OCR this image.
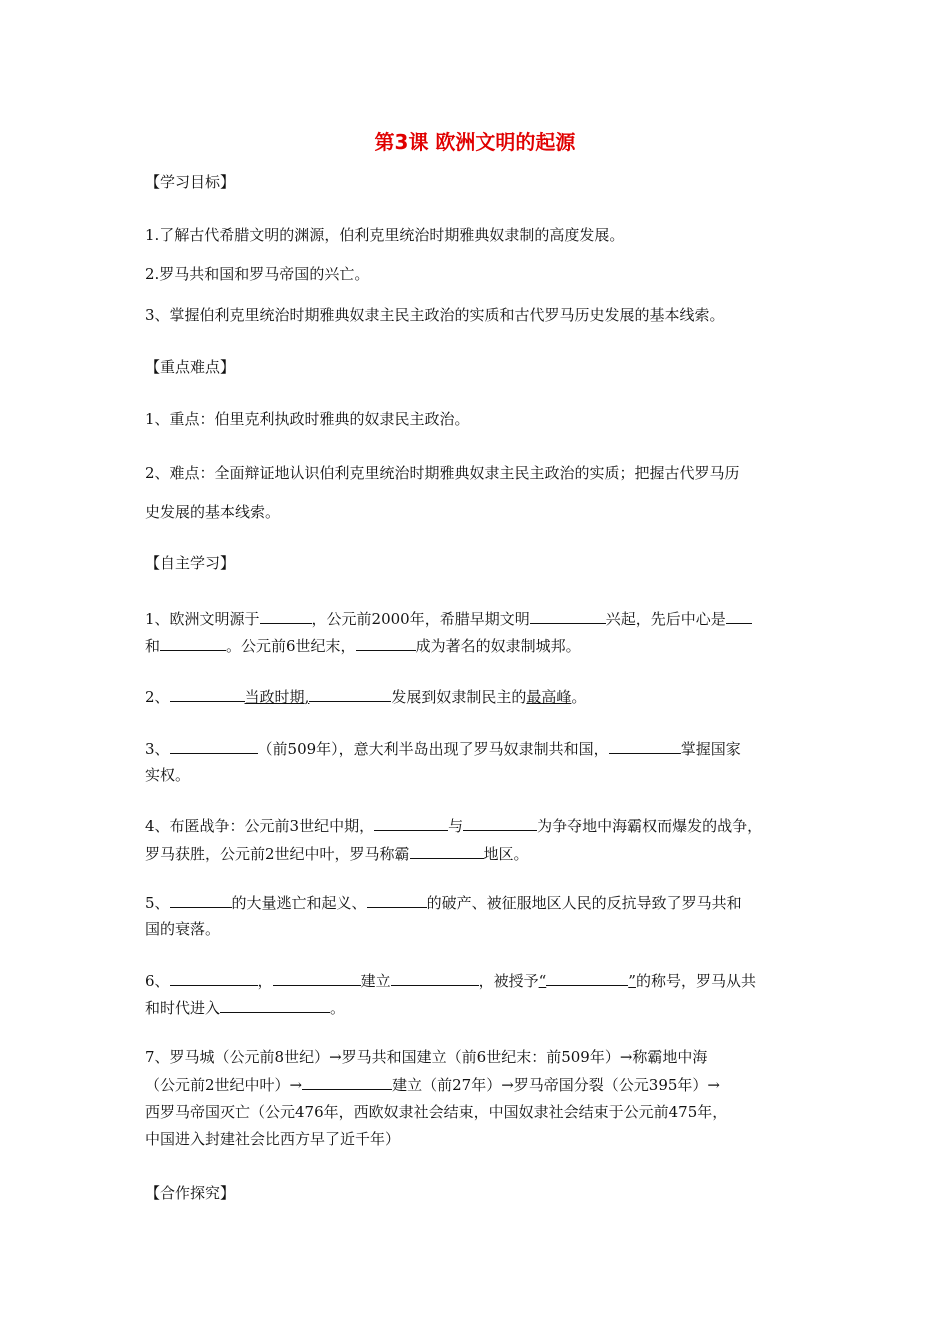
第3课 欧洲文明的起源
【学习目标】
1.了解古代希腊文明的渊源，伯利克里统治时期雅典奴隶制的高度发展。
2.罗马共和国和罗马帝国的兴亡。
3、掌握伯利克里统治时期雅典奴隶主民主政治的实质和古代罗马历史发展的基本线索。
【重点难点】
1、重点：伯里克利执政时雅典的奴隶民主政治。
2、难点：全面辩证地认识伯利克里统治时期雅典奴隶主民主政治的实质；把握古代罗马历
史发展的基本线索。
【自主学习】
1、欧洲文明源于	，公元前2000年，希腊早期文明	兴起，先后中心是
和	。公元前6世纪末，	成为著名的奴隶制城邦。
2、	当政时期,	发展到奴隶制民主的最高峰。
3、	（前509年），意大利半岛出现了罗马奴隶制共和国，	掌握国家
实权。
4、布匿战争：公元前3世纪中期，	与	为争夺地中海霸权而爆发的战争，
罗马获胜，公元前2世纪中叶，罗马称霸	地区。
5、	的大量逃亡和起义、	的破产、被征服地区人民的反抗导致了罗马共和
国的衰落。
6、	，	建立	，被授予“	”的称号，罗马从共
和时代进入	。
7、罗马城（公元前8世纪）→罗马共和国建立（前6世纪末：前509年）→称霸地中海
（公元前2世纪中叶）→	建立（前27年）→罗马帝国分裂（公元395年）→
西罗马帝国灭亡（公元476年，西欧奴隶社会结束，中国奴隶社会结束于公元前475年，
中国进入封建社会比西方早了近千年）
【合作探究】
